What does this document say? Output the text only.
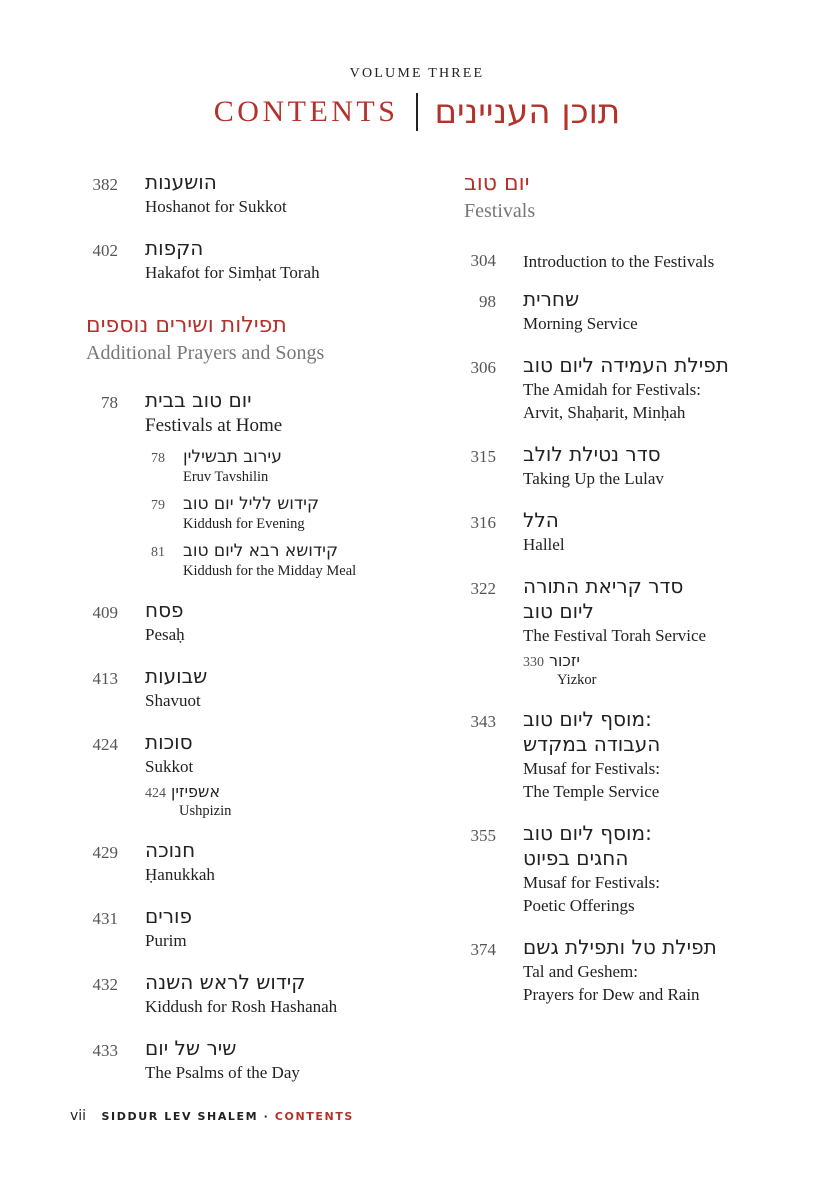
VOLUME THREE
CONTENTS תוכן העניינים
382 הושענות
Hoshanot for Sukkot
402 הקפות
Hakafot for Simḥat Torah
תפילות ושירים נוספים
Additional Prayers and Songs
78 יום טוב בבית
Festivals at Home
78 עירוב תבשילין
Eruv Tavshilin
79 קידוש לליל יום טוב
Kiddush for Evening
81 קידושא רבא ליום טוב
Kiddush for the Midday Meal
409 פסח
Pesaḥ
413 שבועות
Shavuot
424 סוכות
Sukkot
424 אשפיזין
Ushpizin
429 חנוכה
Ḥanukkah
431 פורים
Purim
432 קידוש לראש השנה
Kiddush for Rosh Hashanah
433 שיר של יום
The Psalms of the Day
יום טוב
Festivals
304 Introduction to the Festivals
98 שחרית
Morning Service
306 תפילת העמידה ליום טוב
The Amidah for Festivals:
Arvit, Shaḥarit, Minḥah
315 סדר נטילת לולב
Taking Up the Lulav
316 הלל
Hallel
322 סדר קריאת התורה
ליום טוב
The Festival Torah Service
330 יזכור
Yizkor
343 מוסף ליום טוב:
העבודה במקדש
Musaf for Festivals:
The Temple Service
355 מוסף ליום טוב:
החגים בפיוט
Musaf for Festivals:
Poetic Offerings
374 תפילת טל ותפילת גשם
Tal and Geshem:
Prayers for Dew and Rain
vii SIDDUR LEV SHALEM · CONTENTS
